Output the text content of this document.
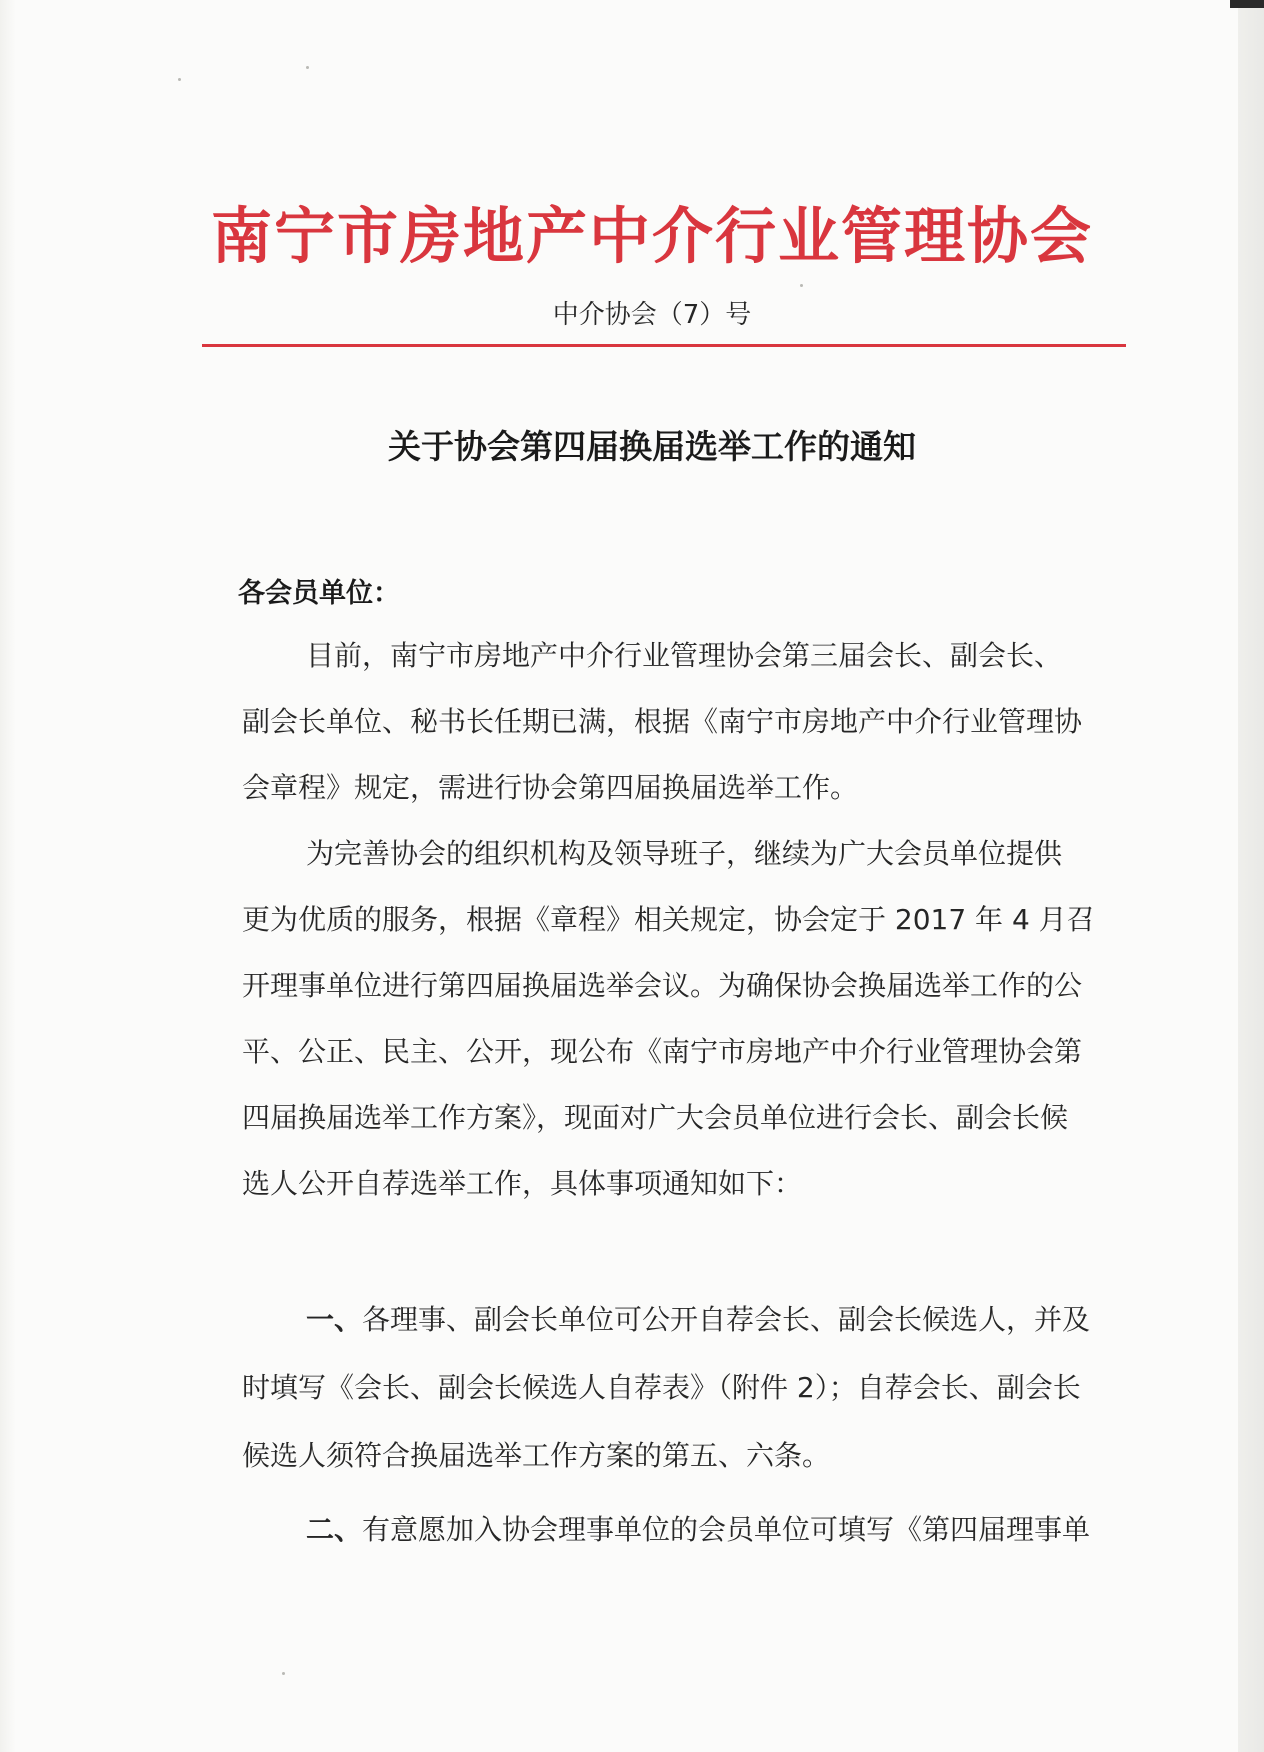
南宁市房地产中介行业管理协会
中介协会（7）号
关于协会第四届换届选举工作的通知
各会员单位：
目前，南宁市房地产中介行业管理协会第三届会长、副会长、
副会长单位、秘书长任期已满，根据《南宁市房地产中介行业管理协
会章程》规定，需进行协会第四届换届选举工作。
为完善协会的组织机构及领导班子，继续为广大会员单位提供
更为优质的服务，根据《章程》相关规定，协会定于 2017 年 4 月召
开理事单位进行第四届换届选举会议。为确保协会换届选举工作的公
平、公正、民主、公开，现公布《南宁市房地产中介行业管理协会第
四届换届选举工作方案》，现面对广大会员单位进行会长、副会长候
选人公开自荐选举工作，具体事项通知如下：
一、各理事、副会长单位可公开自荐会长、副会长候选人，并及
时填写《会长、副会长候选人自荐表》（附件 2）；自荐会长、副会长
候选人须符合换届选举工作方案的第五、六条。
二、有意愿加入协会理事单位的会员单位可填写《第四届理事单
